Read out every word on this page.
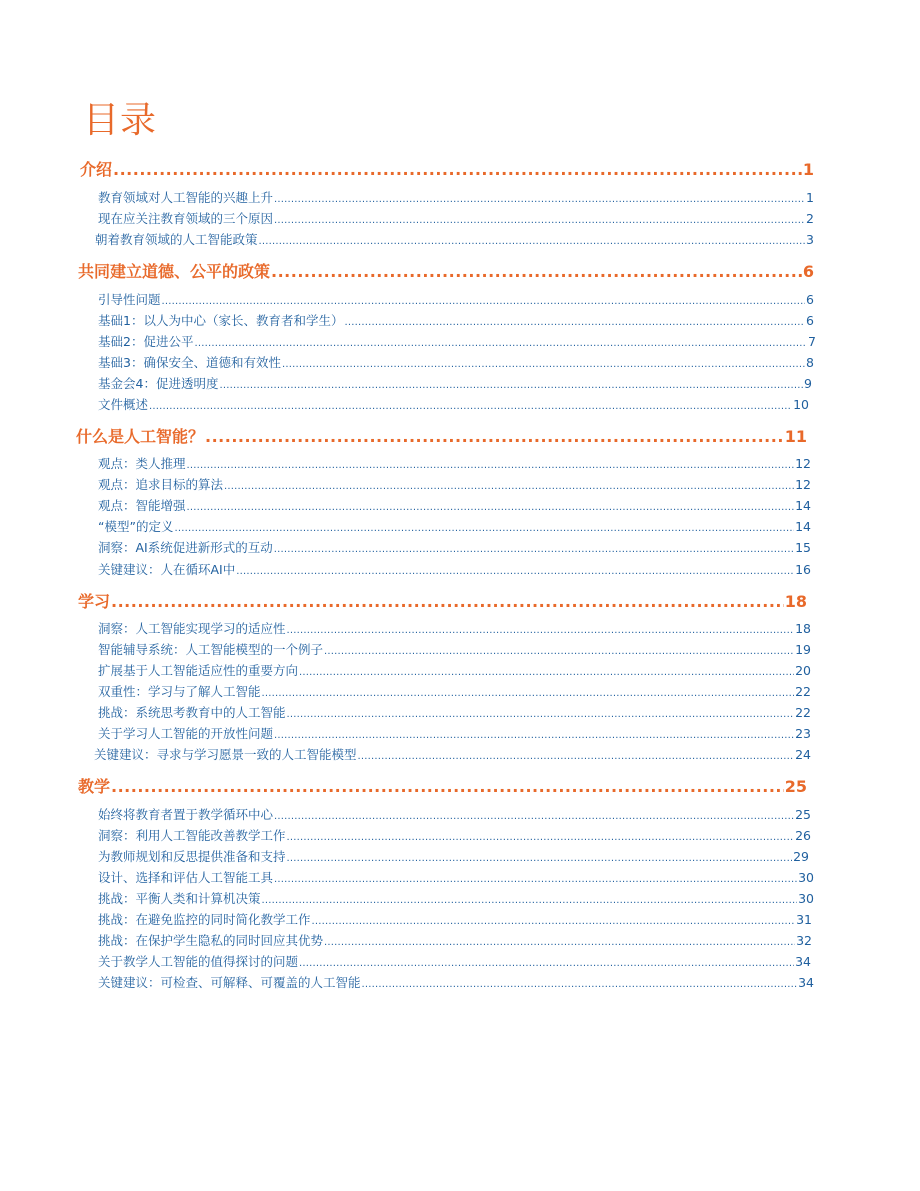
目录
介绍 .....	1
教育领域对人工智能的兴趣上升 .....	1
现在应关注教育领域的三个原因 .....	2
朝着教育领域的人工智能政策 .....	3
共同建立道德、公平的政策 .....	6
引导性问题 .....	6
基础1：以人为中心（家长、教育者和学生） .....	6
基础2：促进公平 .....	7
基础3：确保安全、道德和有效性 .....	8
基金会4：促进透明度 .....	9
文件概述 .....	10
什么是人工智能？ .....	11
观点：类人推理 .....	12
观点：追求目标的算法 .....	12
观点：智能增强 .....	14
“模型”的定义 .....	14
洞察：AI系统促进新形式的互动 .....	15
关键建议：人在循环AI中 .....	16
学习 .....	18
洞察：人工智能实现学习的适应性 .....	18
智能辅导系统：人工智能模型的一个例子 .....	19
扩展基于人工智能适应性的重要方向 .....	20
双重性：学习与了解人工智能 .....	22
挑战：系统思考教育中的人工智能 .....	22
关于学习人工智能的开放性问题 .....	23
关键建议：寻求与学习愿景一致的人工智能模型 .....	24
教学 .....	25
始终将教育者置于教学循环中心 .....	25
洞察：利用人工智能改善教学工作 .....	26
为教师规划和反思提供准备和支持 .....	29
设计、选择和评估人工智能工具 .....	30
挑战：平衡人类和计算机决策 .....	30
挑战：在避免监控的同时简化教学工作 .....	31
挑战：在保护学生隐私的同时回应其优势 .....	32
关于教学人工智能的值得探讨的问题 .....	34
关键建议：可检查、可解释、可覆盖的人工智能 .....	34
